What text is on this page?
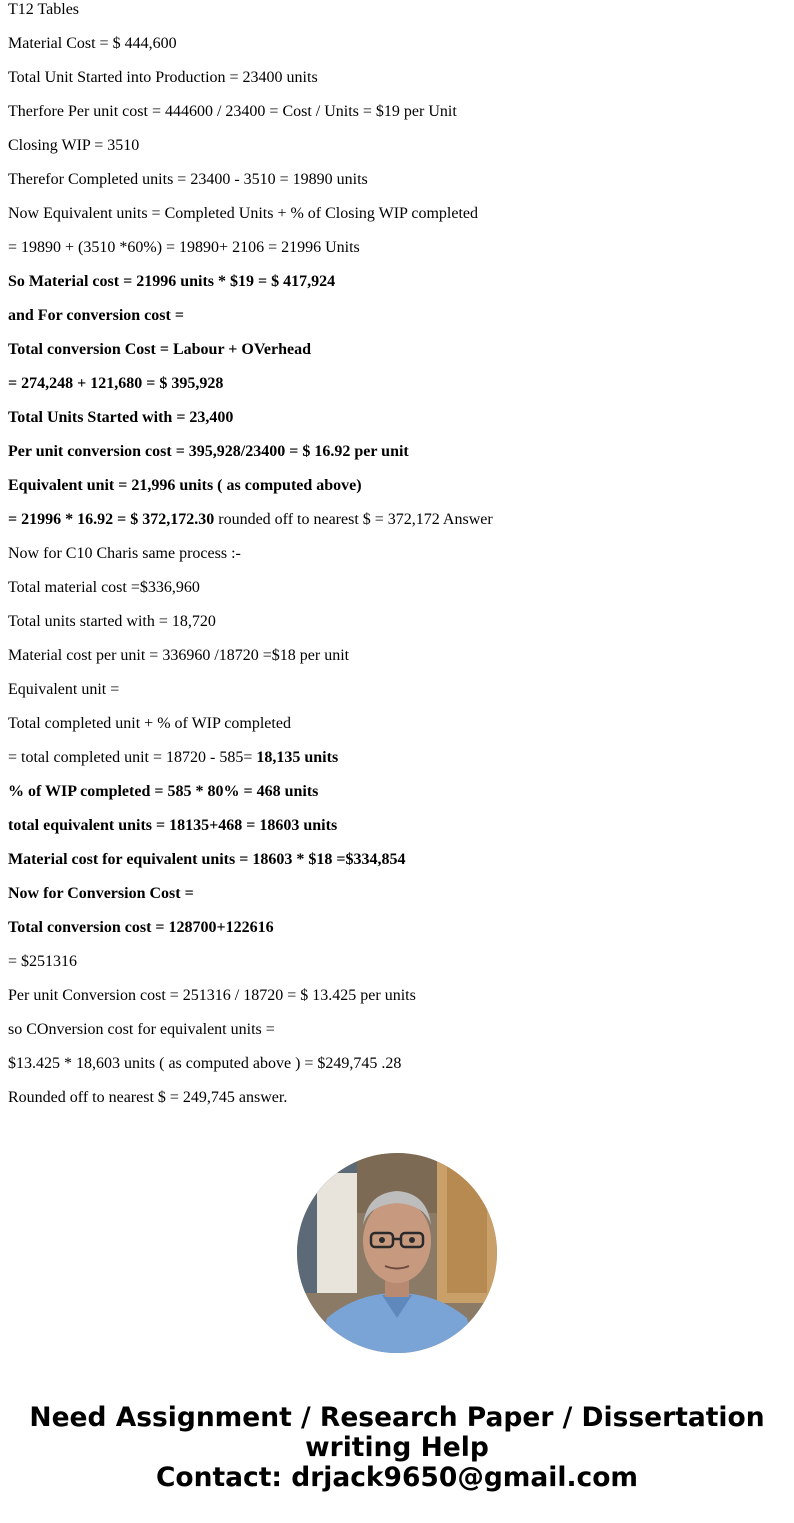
T12 Tables
Material Cost = $ 444,600
Total Unit Started into Production = 23400 units
Therfore Per unit cost = 444600 / 23400 = Cost / Units = $19 per Unit
Closing WIP = 3510
Therefor Completed units = 23400 - 3510 = 19890 units
Now Equivalent units = Completed Units + % of Closing WIP completed
= 19890 + (3510 *60%) = 19890+ 2106 = 21996 Units
So Material cost = 21996 units * $19 = $ 417,924
and For conversion cost =
Total conversion Cost = Labour + OVerhead
= 274,248 + 121,680 = $ 395,928
Total Units Started with = 23,400
Per unit conversion cost = 395,928/23400 = $ 16.92 per unit
Equivalent unit = 21,996 units ( as computed above)
= 21996 * 16.92 = $ 372,172.30 rounded off to nearest $ = 372,172 Answer
Now for C10 Charis same process :-
Total material cost =$336,960
Total units started with = 18,720
Material cost per unit = 336960 /18720 =$18 per unit
Equivalent unit =
Total completed unit + % of WIP completed
= total completed unit = 18720 - 585= 18,135 units
% of WIP completed = 585 * 80% = 468 units
total equivalent units = 18135+468 = 18603 units
Material cost for equivalent units = 18603 * $18 =$334,854
Now for Conversion Cost =
Total conversion cost = 128700+122616
= $251316
Per unit Conversion cost = 251316 / 18720 = $ 13.425 per units
so COnversion cost for equivalent units =
$13.425 * 18,603 units ( as computed above ) = $249,745 .28
Rounded off to nearest $ = 249,745 answer.
Need Assignment / Research Paper / Dissertation
writing Help
Contact: drjack9650@gmail.com
